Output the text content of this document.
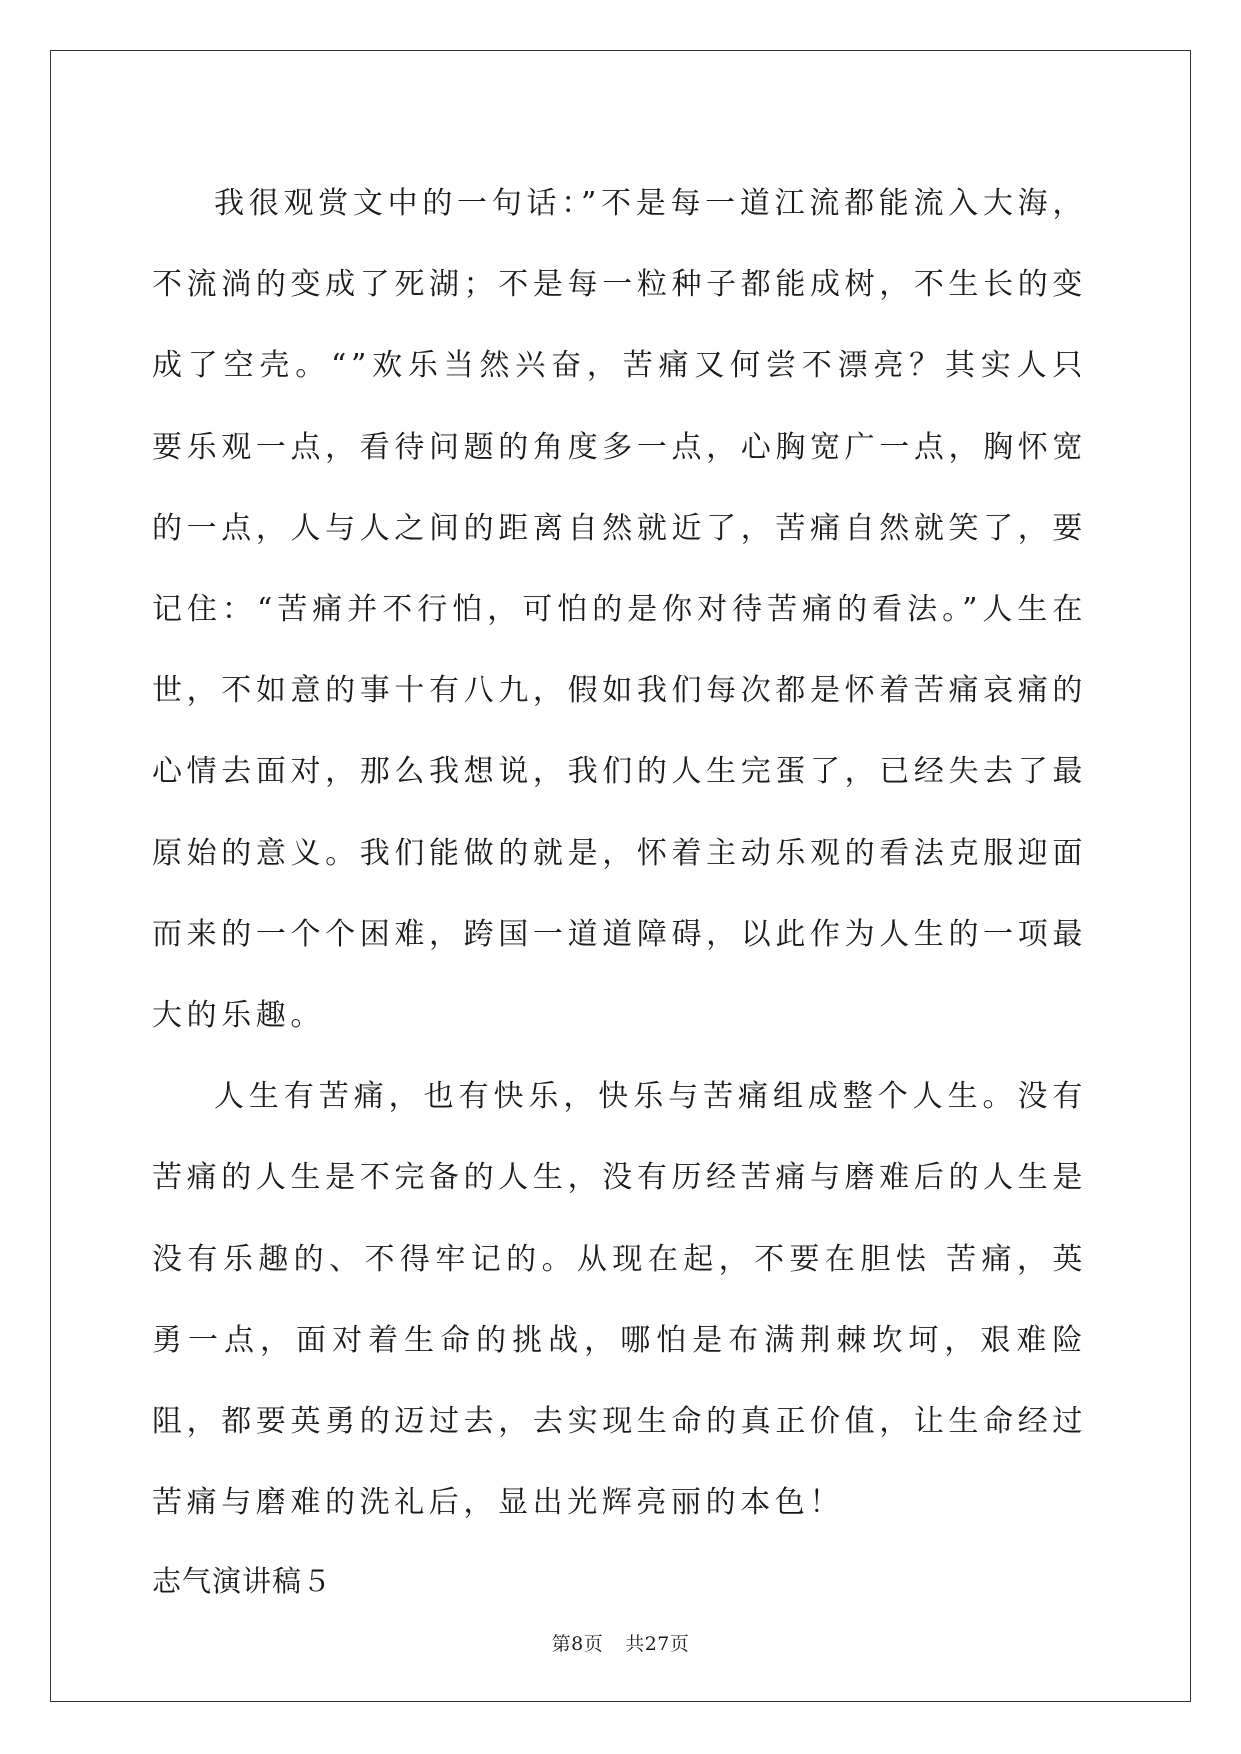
我很观赏文中的一句话：”不是每一道江流都能流入大海，不流淌的变成了死湖；不是每一粒种子都能成树，不生长的变成了空壳。“”欢乐当然兴奋，苦痛又何尝不漂亮？其实人只要乐观一点，看待问题的角度多一点，心胸宽广一点，胸怀宽的一点，人与人之间的距离自然就近了，苦痛自然就笑了，要记住：“苦痛并不行怕，可怕的是你对待苦痛的看法。”人生在世，不如意的事十有八九，假如我们每次都是怀着苦痛哀痛的心情去面对，那么我想说，我们的人生完蛋了，已经失去了最原始的意义。我们能做的就是，怀着主动乐观的看法克服迎面而来的一个个困难，跨国一道道障碍，以此作为人生的一项最大的乐趣。

人生有苦痛，也有快乐，快乐与苦痛组成整个人生。没有苦痛的人生是不完备的人生，没有历经苦痛与磨难后的人生是没有乐趣的、不得牢记的。从现在起，不要在胆怯 苦痛，英勇一点，面对着生命的挑战，哪怕是布满荆棘坎坷，艰难险阻，都要英勇的迈过去，去实现生命的真正价值，让生命经过苦痛与磨难的洗礼后，显出光辉亮丽的本色！

志气演讲稿５

第8页 共27页
